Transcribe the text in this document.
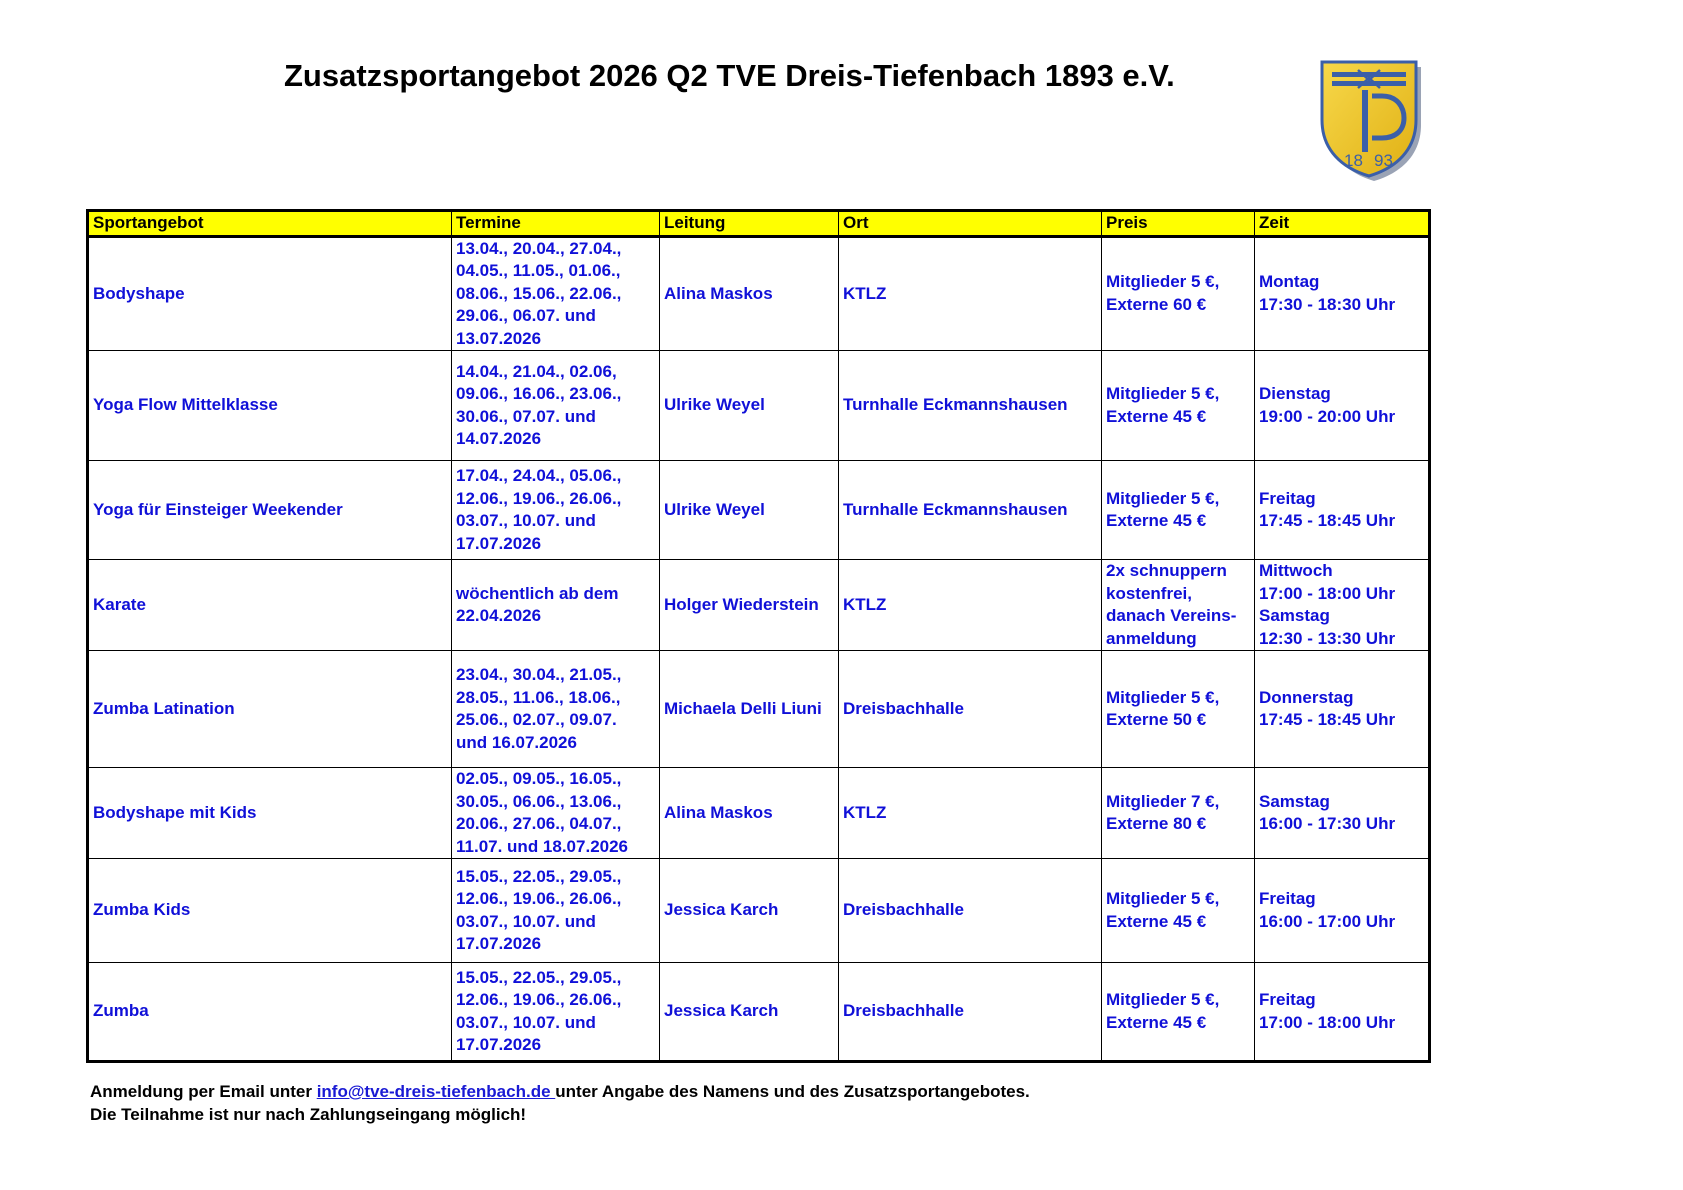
Zusatzsportangebot 2026 Q2 TVE Dreis-Tiefenbach 1893 e.V.
18 93
Sportangebot	Termine	Leitung	Ort	Preis	Zeit
Bodyshape	13.04., 20.04., 27.04.,
04.05., 11.05., 01.06.,
08.06., 15.06., 22.06.,
29.06., 06.07. und
13.07.2026	Alina Maskos	KTLZ	Mitglieder 5 €,
Externe 60 €	Montag
17:30 - 18:30 Uhr
Yoga Flow Mittelklasse	14.04., 21.04., 02.06,
09.06., 16.06., 23.06.,
30.06., 07.07. und
14.07.2026	Ulrike Weyel	Turnhalle Eckmannshausen	Mitglieder 5 €,
Externe 45 €	Dienstag
19:00 - 20:00 Uhr
Yoga für Einsteiger Weekender	17.04., 24.04., 05.06.,
12.06., 19.06., 26.06.,
03.07., 10.07. und
17.07.2026	Ulrike Weyel	Turnhalle Eckmannshausen	Mitglieder 5 €,
Externe 45 €	Freitag
17:45 - 18:45 Uhr
Karate	wöchentlich ab dem
22.04.2026	Holger Wiederstein	KTLZ	2x schnuppern
kostenfrei,
danach Vereins-
anmeldung	Mittwoch
17:00 - 18:00 Uhr
Samstag
12:30 - 13:30 Uhr
Zumba Latination	23.04., 30.04., 21.05.,
28.05., 11.06., 18.06.,
25.06., 02.07., 09.07.
und 16.07.2026	Michaela Delli Liuni	Dreisbachhalle	Mitglieder 5 €,
Externe 50 €	Donnerstag
17:45 - 18:45 Uhr
Bodyshape mit Kids	02.05., 09.05., 16.05.,
30.05., 06.06., 13.06.,
20.06., 27.06., 04.07.,
11.07. und 18.07.2026	Alina Maskos	KTLZ	Mitglieder 7 €,
Externe 80 €	Samstag
16:00 - 17:30 Uhr
Zumba Kids	15.05., 22.05., 29.05.,
12.06., 19.06., 26.06.,
03.07., 10.07. und
17.07.2026	Jessica Karch	Dreisbachhalle	Mitglieder 5 €,
Externe 45 €	Freitag
16:00 - 17:00 Uhr
Zumba	15.05., 22.05., 29.05.,
12.06., 19.06., 26.06.,
03.07., 10.07. und
17.07.2026	Jessica Karch	Dreisbachhalle	Mitglieder 5 €,
Externe 45 €	Freitag
17:00 - 18:00 Uhr
Anmeldung per Email unter info@tve-dreis-tiefenbach.de unter Angabe des Namens und des Zusatzsportangebotes.
Die Teilnahme ist nur nach Zahlungseingang möglich!
